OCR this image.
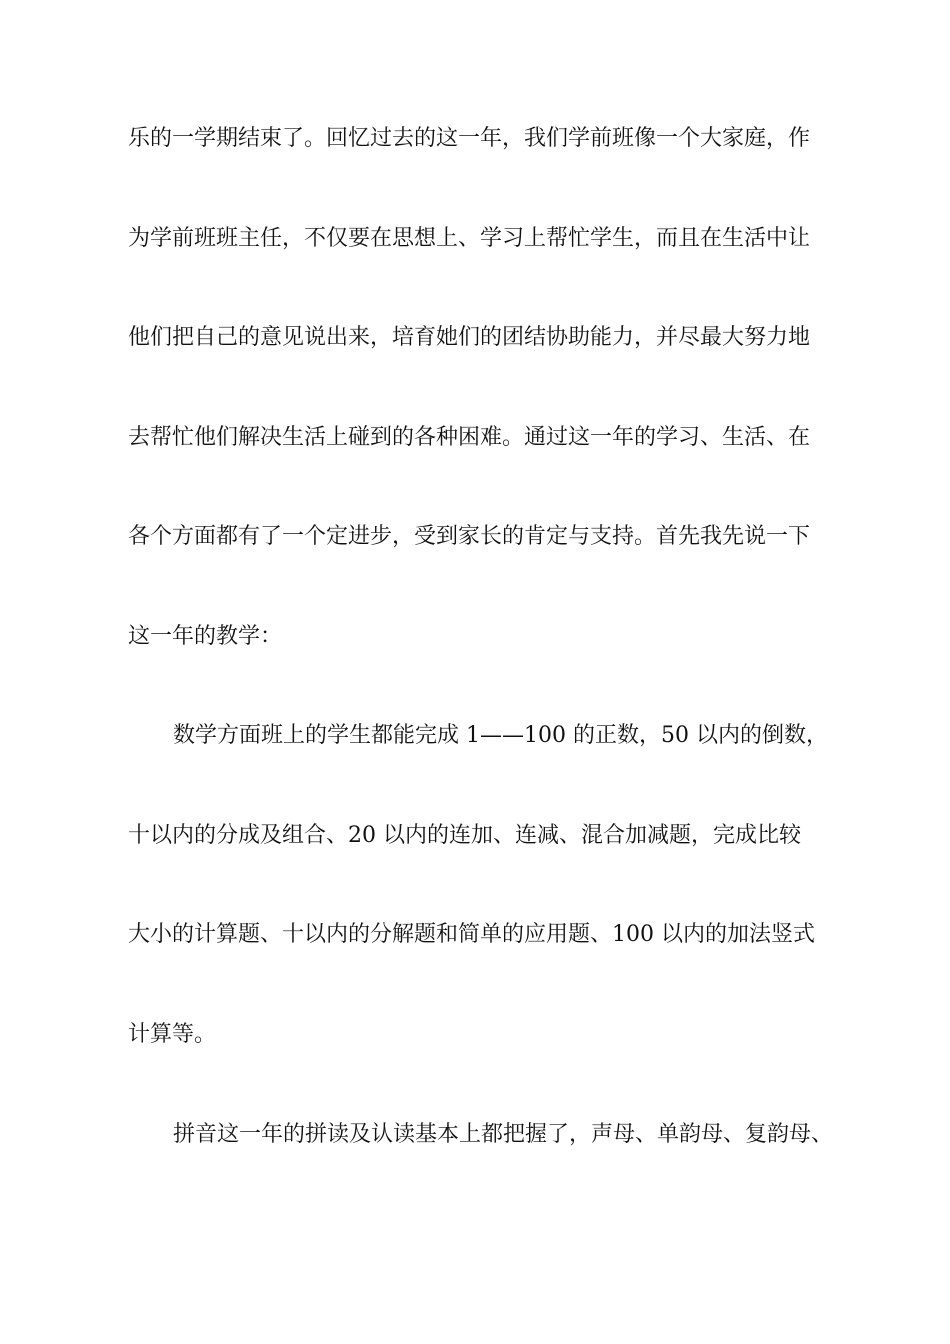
乐的一学期结束了。回忆过去的这一年，我们学前班像一个大家庭，作
为学前班班主任，不仅要在思想上、学习上帮忙学生，而且在生活中让
他们把自己的意见说出来，培育她们的团结协助能力，并尽最大努力地
去帮忙他们解决生活上碰到的各种困难。通过这一年的学习、生活、在
各个方面都有了一个定进步，受到家长的肯定与支持。首先我先说一下
这一年的教学：
数学方面班上的学生都能完成 1——100 的正数，50 以内的倒数，
十以内的分成及组合、20 以内的连加、连减、混合加减题，完成比较
大小的计算题、十以内的分解题和简单的应用题、100 以内的加法竖式
计算等。
拼音这一年的拼读及认读基本上都把握了，声母、单韵母、复韵母、
